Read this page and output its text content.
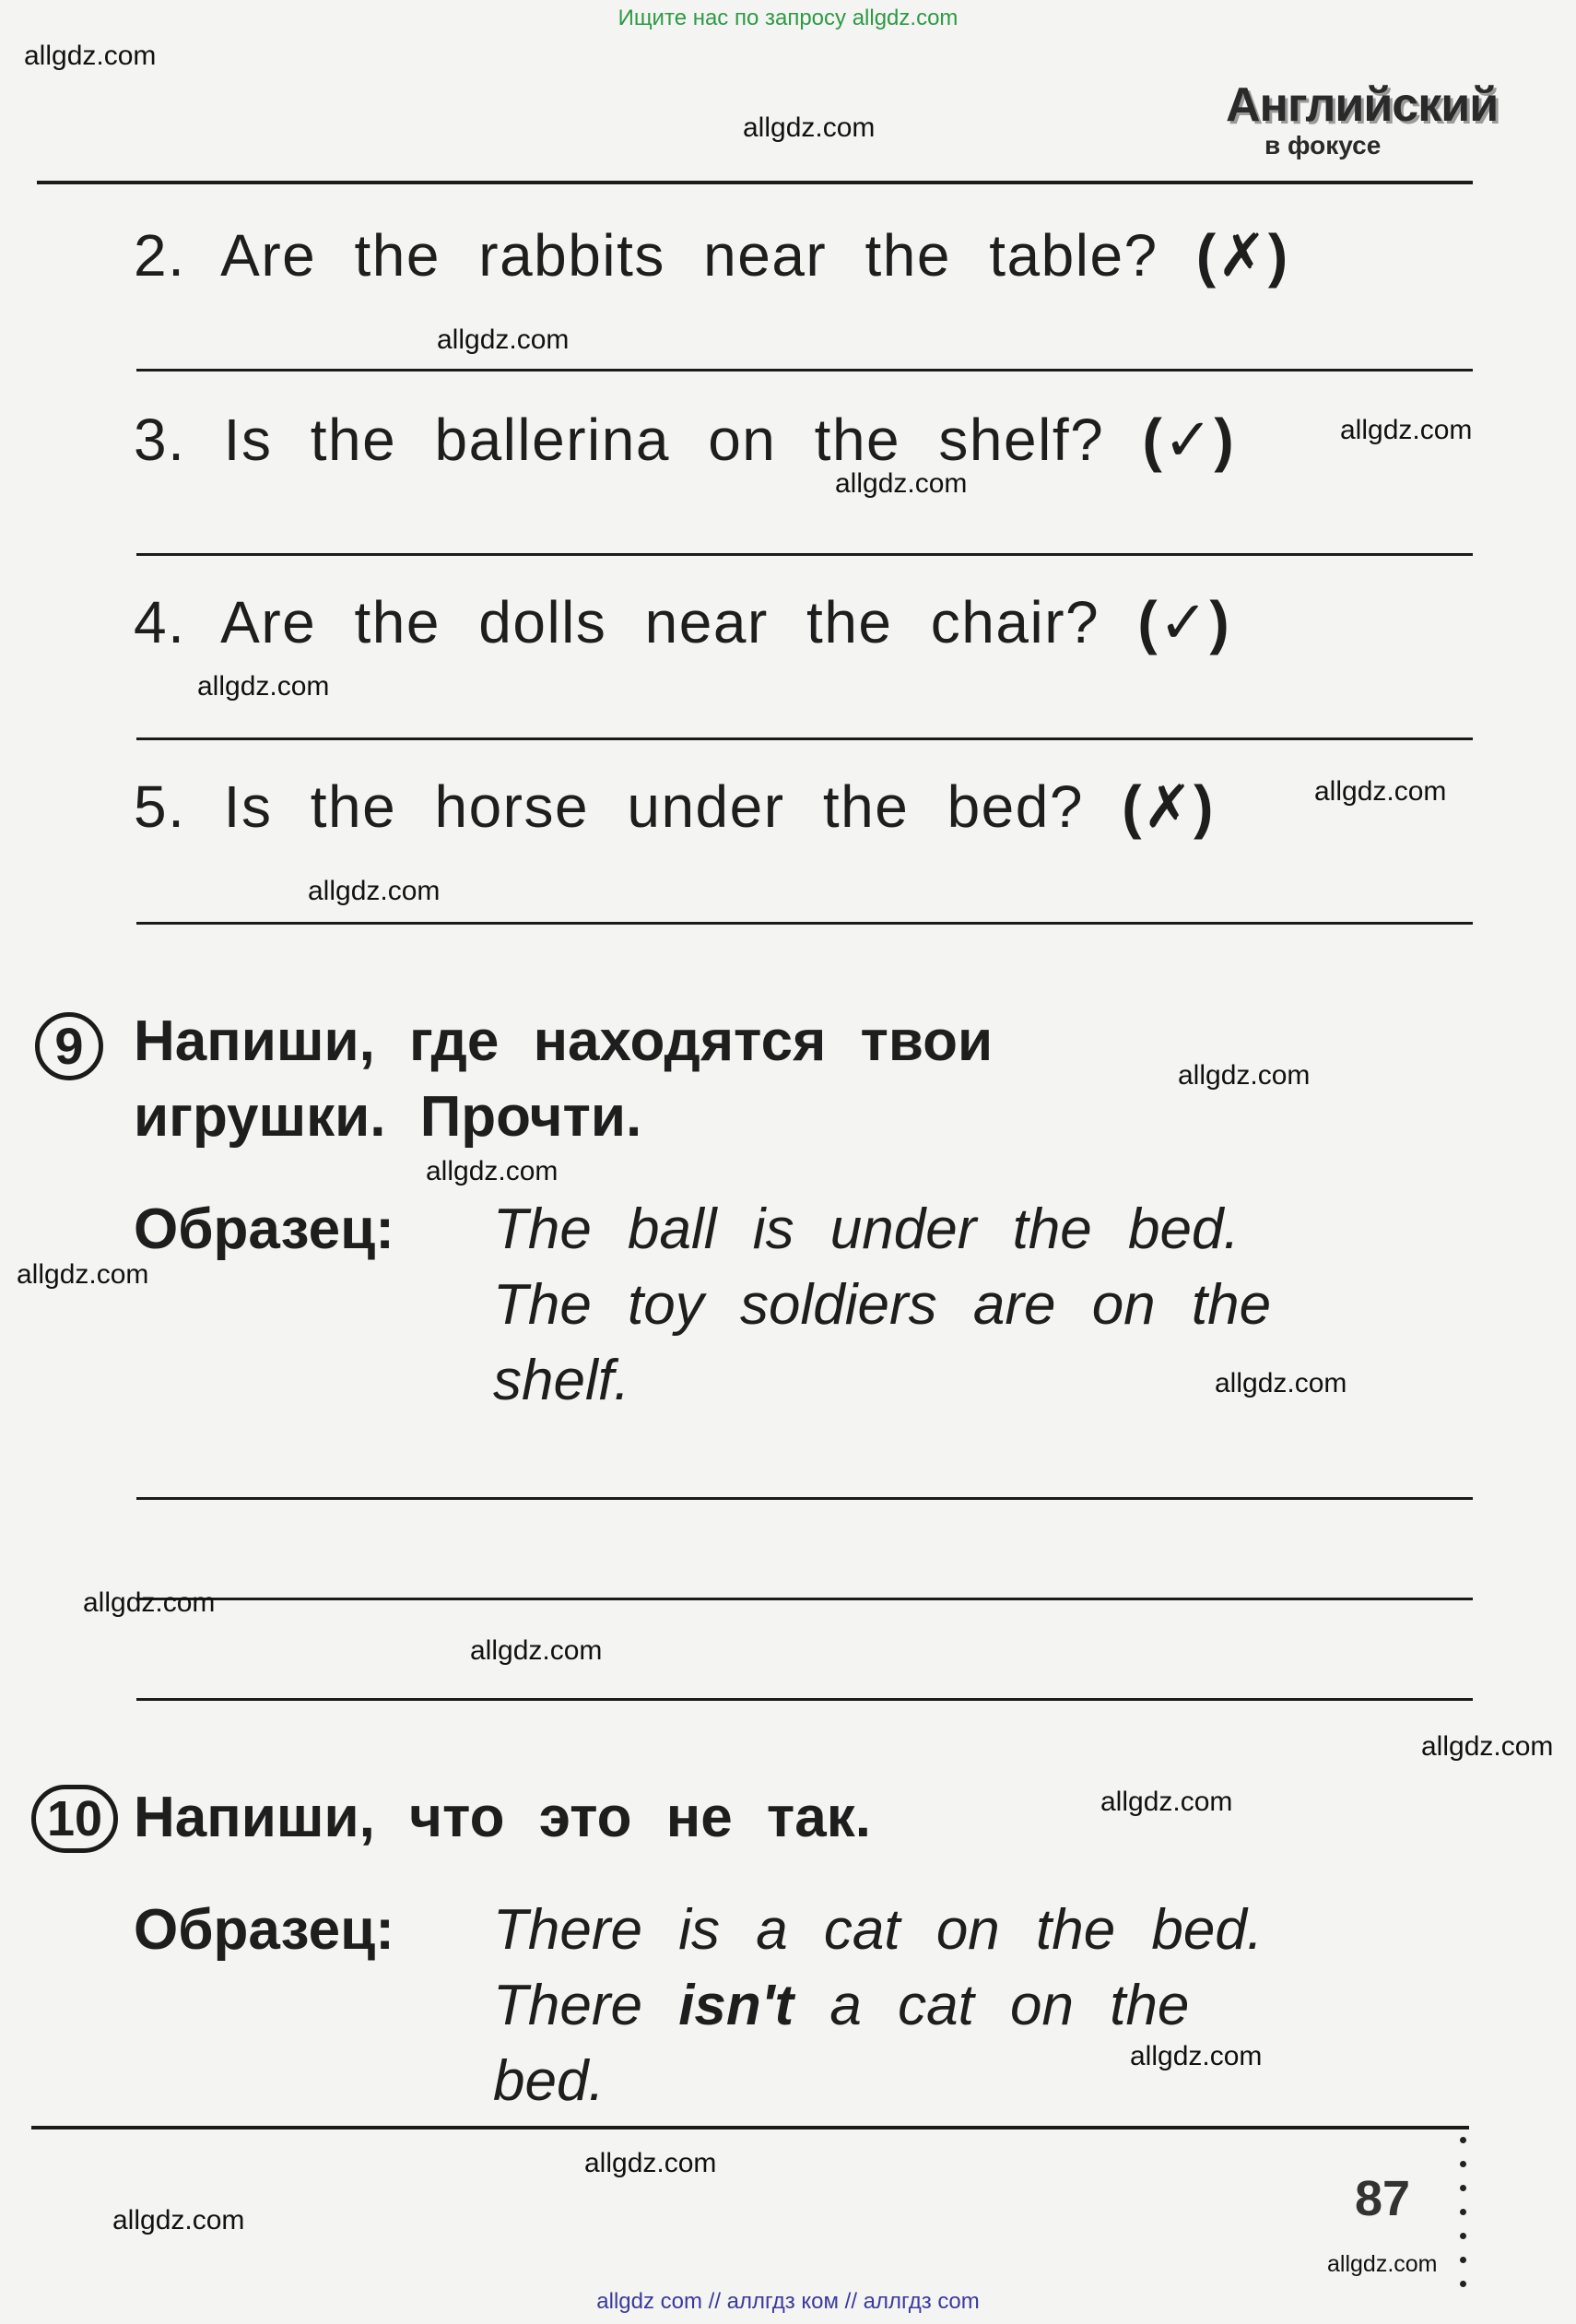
Ищите нас по запросу allgdz.com
Английский
в фокусе
2. Are the rabbits near the table? (✗)
3. Is the ballerina on the shelf? (✓)
4. Are the dolls near the chair? (✓)
5. Is the horse under the bed? (✗)
9 Напиши, где находятся твои
игрушки. Прочти.
Образец: The ball is under the bed.
The toy soldiers are on the
shelf.
10 Напиши, что это не так.
Образец: There is a cat on the bed.
There isn't a cat on the
bed.
87
allgdz.com
allgdz.com
allgdz.com
allgdz.com
allgdz.com
allgdz.com
allgdz.com
allgdz.com
allgdz.com
allgdz.com
allgdz.com
allgdz.com
allgdz.com
allgdz.com
allgdz.com
allgdz.com
allgdz.com
allgdz.com
allgdz.com
allgdz.com
allgdz com // аллгдз ком // аллгдз com
